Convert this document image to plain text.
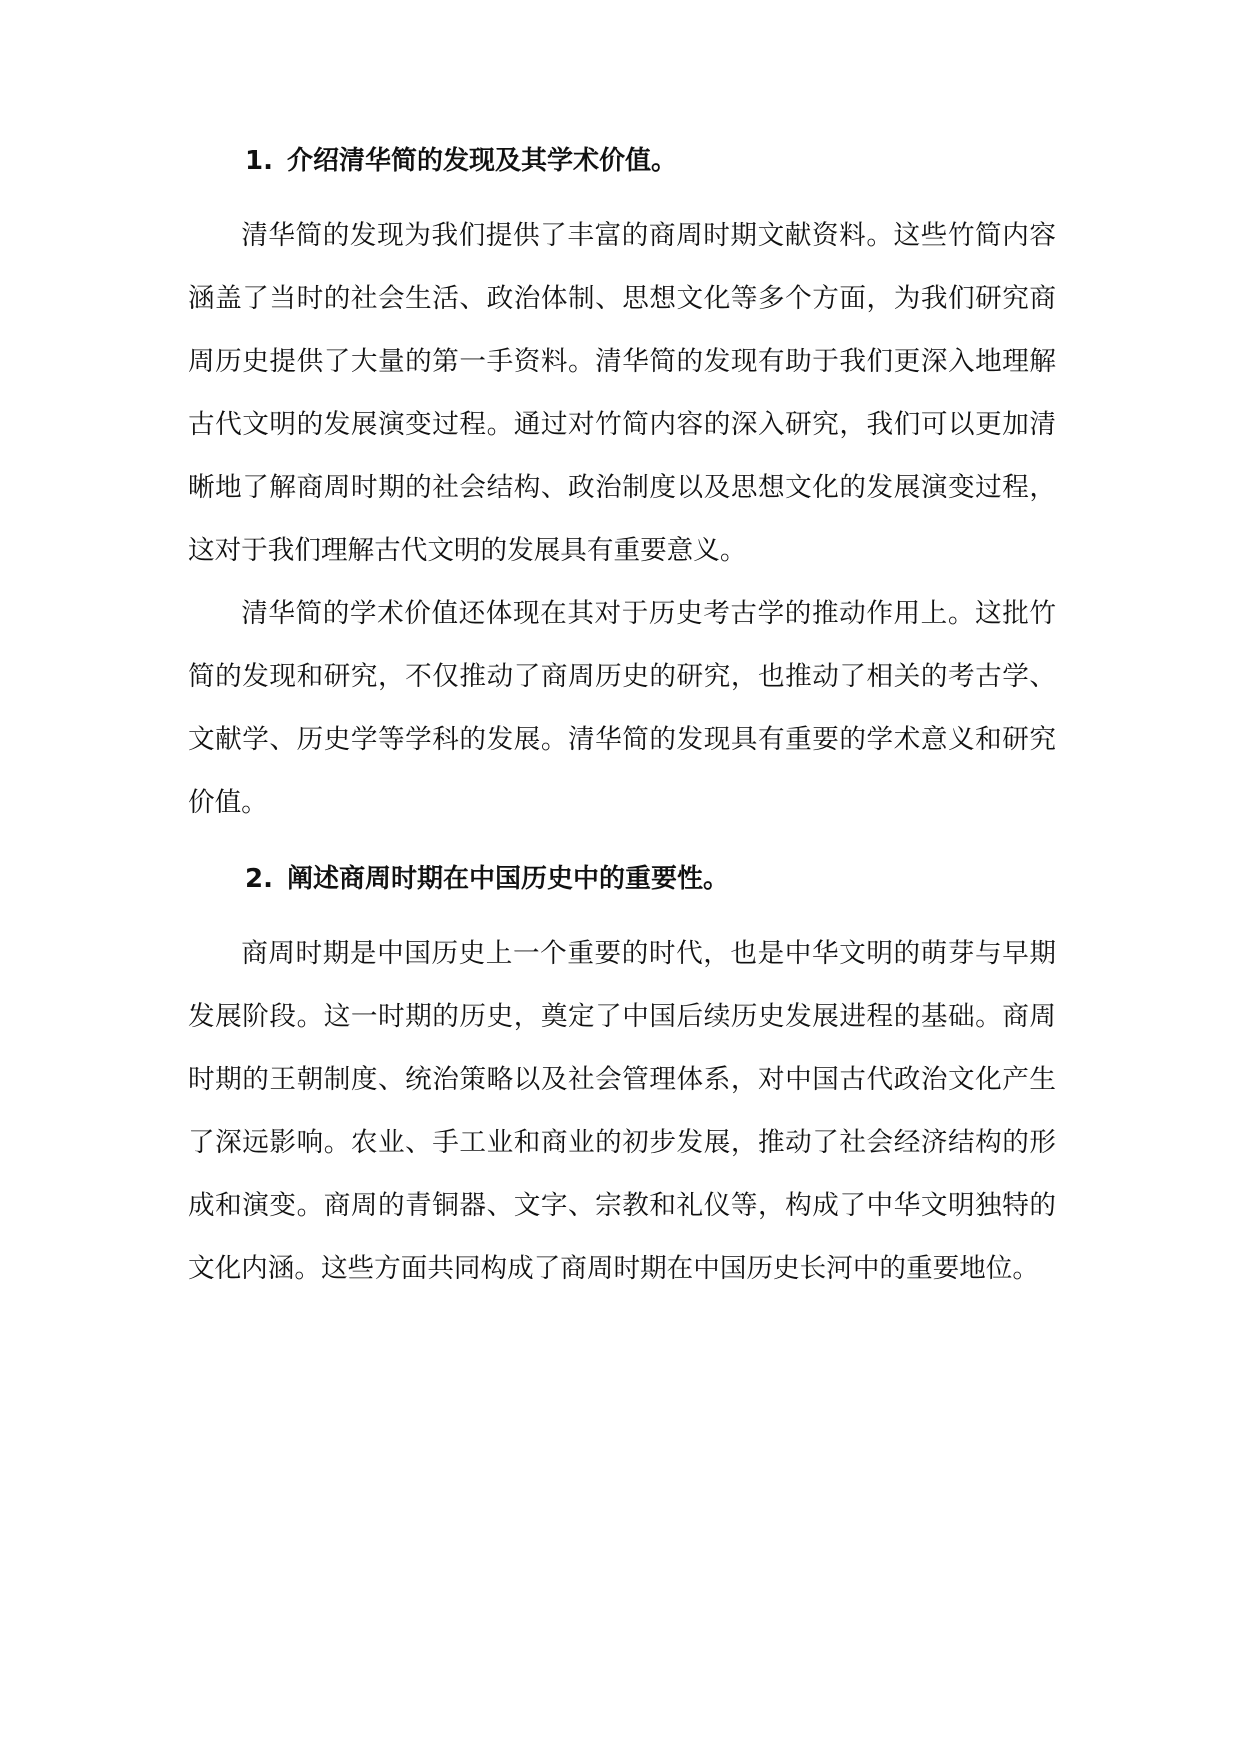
1. 介绍清华简的发现及其学术价值。

清华简的发现为我们提供了丰富的商周时期文献资料。这些竹简内容涵盖了当时的社会生活、政治体制、思想文化等多个方面，为我们研究商周历史提供了大量的第一手资料。清华简的发现有助于我们更深入地理解古代文明的发展演变过程。通过对竹简内容的深入研究，我们可以更加清晰地了解商周时期的社会结构、政治制度以及思想文化的发展演变过程，这对于我们理解古代文明的发展具有重要意义。

清华简的学术价值还体现在其对于历史考古学的推动作用上。这批竹简的发现和研究，不仅推动了商周历史的研究，也推动了相关的考古学、文献学、历史学等学科的发展。清华简的发现具有重要的学术意义和研究价值。

2. 阐述商周时期在中国历史中的重要性。

商周时期是中国历史上一个重要的时代，也是中华文明的萌芽与早期发展阶段。这一时期的历史，奠定了中国后续历史发展进程的基础。商周时期的王朝制度、统治策略以及社会管理体系，对中国古代政治文化产生了深远影响。农业、手工业和商业的初步发展，推动了社会经济结构的形成和演变。商周的青铜器、文字、宗教和礼仪等，构成了中华文明独特的文化内涵。这些方面共同构成了商周时期在中国历史长河中的重要地位。
